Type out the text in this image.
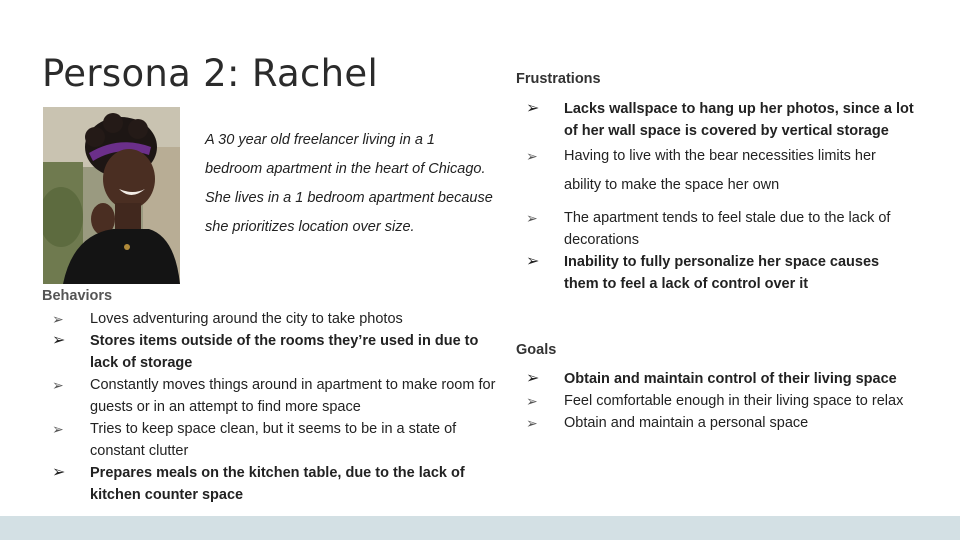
Persona 2: Rachel

A 30 year old freelancer living in a 1 bedroom apartment in the heart of Chicago. She lives in a 1 bedroom apartment because she prioritizes location over size.

Behaviors
➢	Loves adventuring around the city to take photos
➢	Stores items outside of the rooms they’re used in due to lack of storage
➢	Constantly moves things around in apartment to make room for guests or in an attempt to find more space
➢	Tries to keep space clean, but it seems to be in a state of constant clutter
➢	Prepares meals on the kitchen table, due to the lack of kitchen counter space
Frustrations
➢	Lacks wallspace to hang up her photos, since a lot of her wall space is covered by vertical storage
➢	Having to live with the bear necessities limits her ability to make the space her own
➢	The apartment tends to feel stale due to the lack of decorations
➢	Inability to fully personalize her space causes them to feel a lack of control over it
Goals
➢	Obtain and maintain control of their living space
➢	Feel comfortable enough in their living space to relax
➢	Obtain and maintain a personal space
